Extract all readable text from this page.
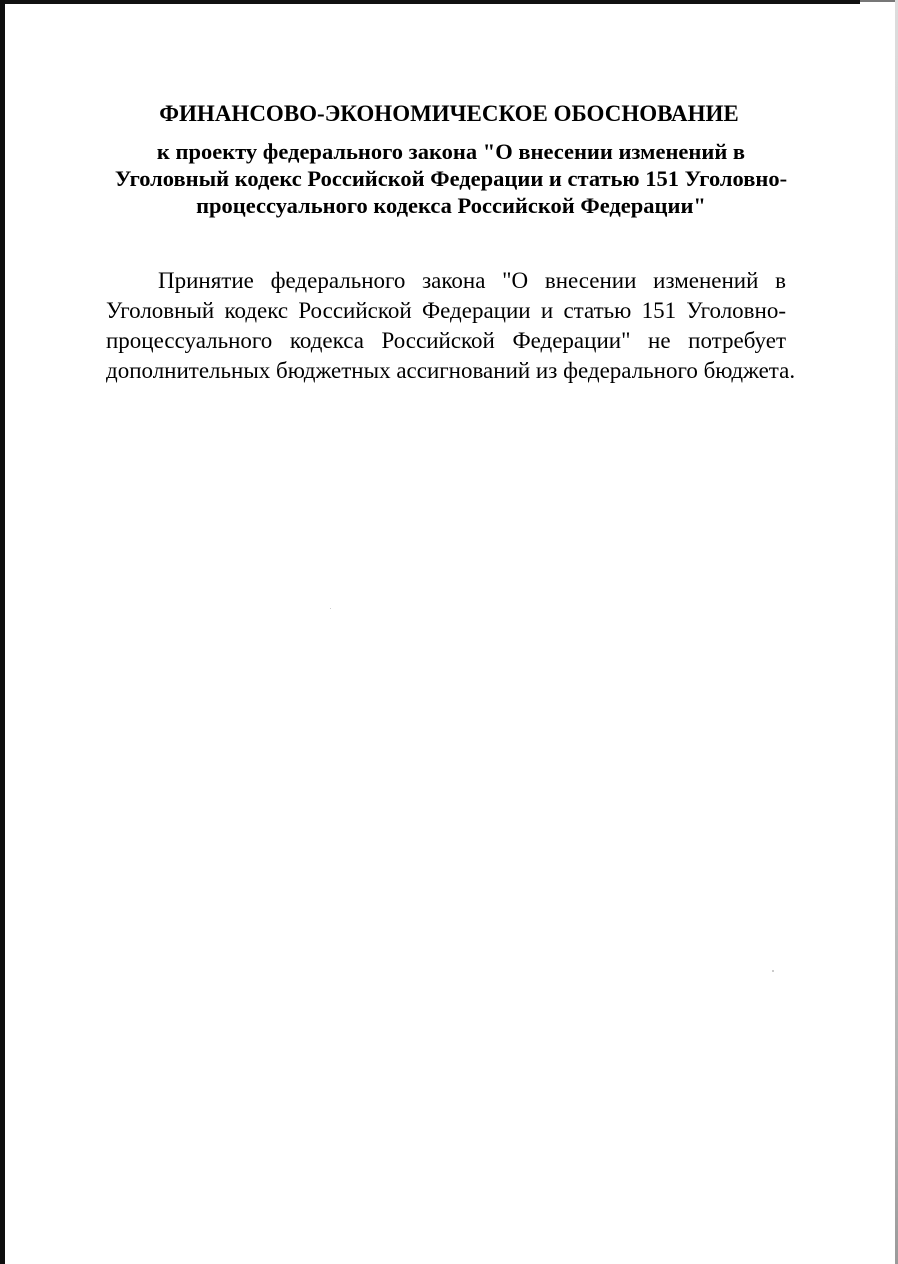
ФИНАНСОВО-ЭКОНОМИЧЕСКОЕ ОБОСНОВАНИЕ
к проекту федерального закона "О внесении изменений в
Уголовный кодекс Российской Федерации и статью 151 Уголовно-
процессуального кодекса Российской Федерации"
Принятие федерального закона "О внесении изменений в
Уголовный кодекс Российской Федерации и статью 151 Уголовно-
процессуального кодекса Российской Федерации" не потребует
дополнительных бюджетных ассигнований из федерального бюджета.
